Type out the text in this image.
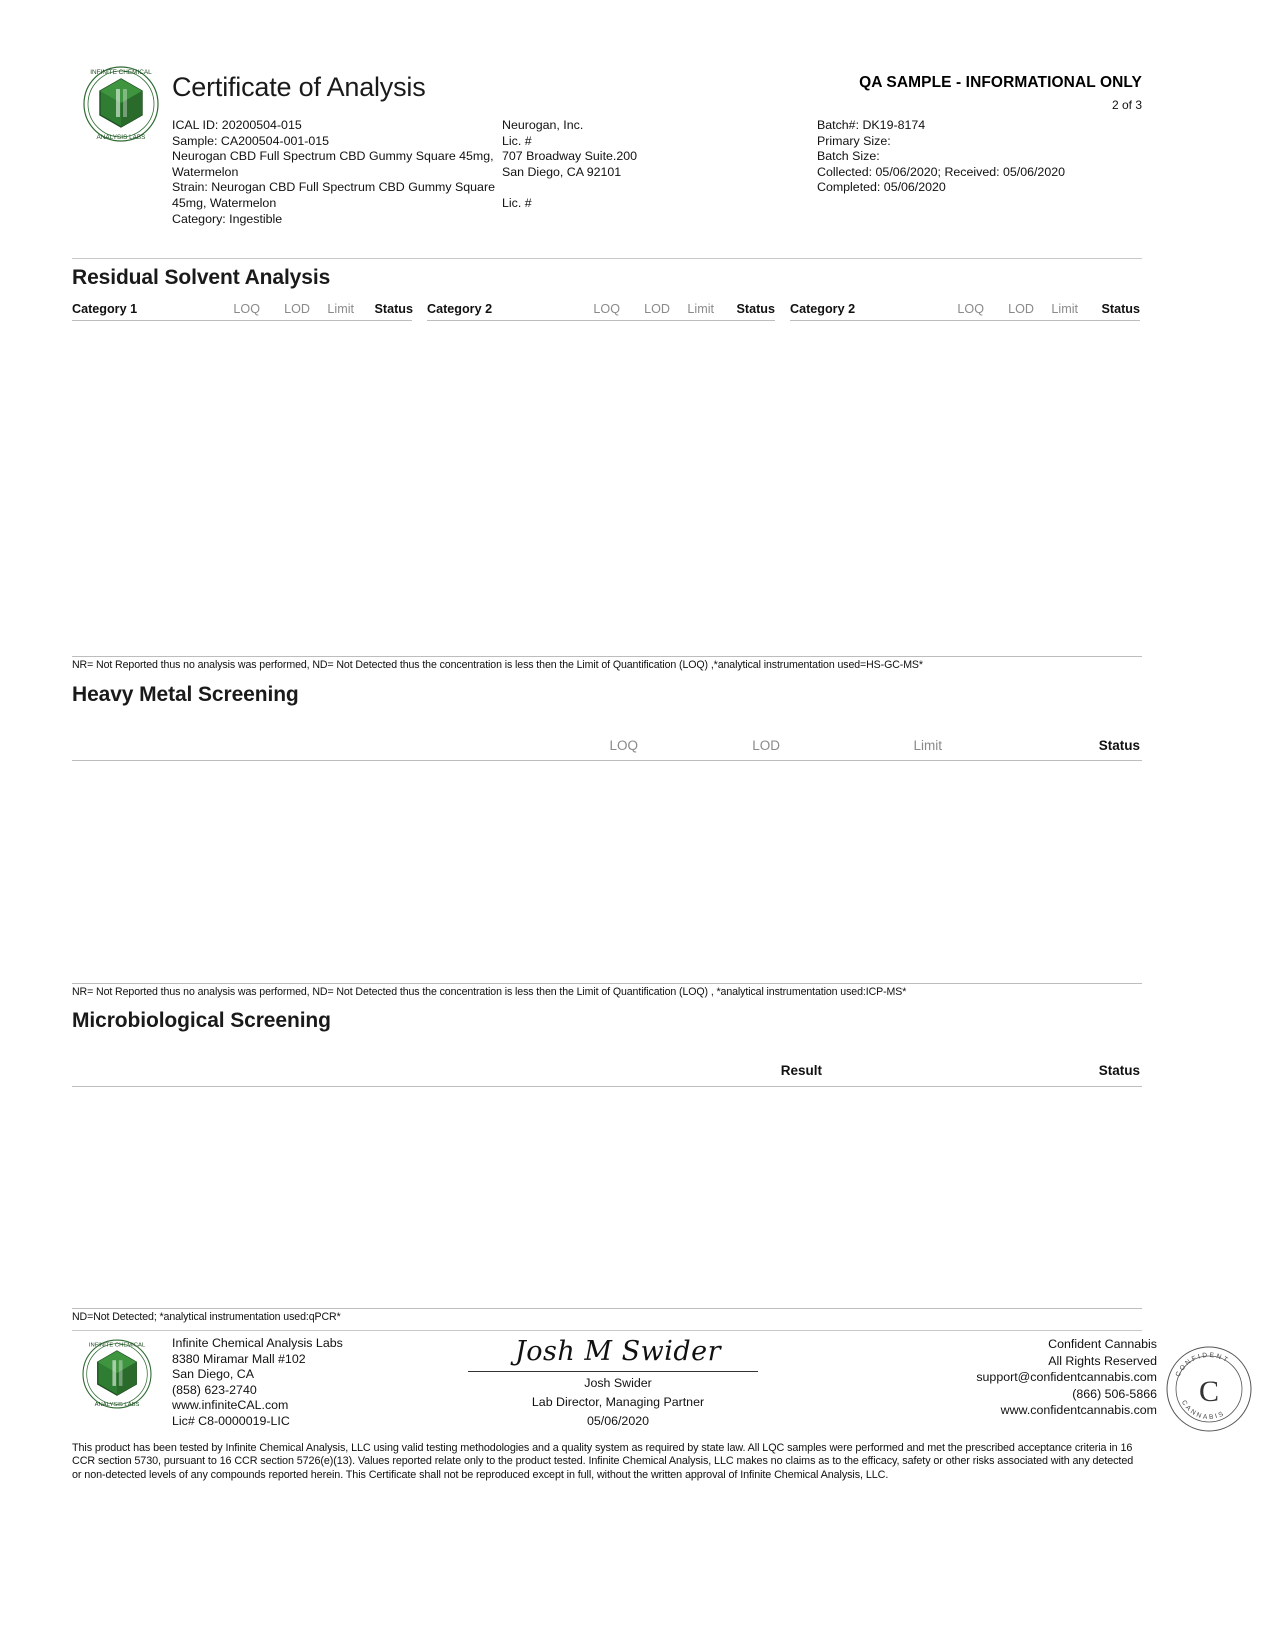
INFINITE CHEMICAL
ANALYSIS LABS
Certificate of Analysis	QA SAMPLE - INFORMATIONAL ONLY
2 of 3
ICAL ID: 20200504-015
Sample: CA200504-001-015
Neurogan CBD Full Spectrum CBD Gummy Square 45mg, Watermelon
Strain: Neurogan CBD Full Spectrum CBD Gummy Square 45mg, Watermelon
Category: Ingestible
Neurogan, Inc.
Lic. #
707 Broadway Suite.200
San Diego, CA 92101
Lic. #
Batch#: DK19-8174
Primary Size:
Batch Size:
Collected: 05/06/2020; Received: 05/06/2020
Completed: 05/06/2020
Residual Solvent Analysis
Category 1	LOQ	LOD	Limit	Status Category 2	LOQ	LOD	Limit	Status Category 2	LOQ	LOD	Limit	Status
NR= Not Reported thus no analysis was performed, ND= Not Detected thus the concentration is less then the Limit of Quantification (LOQ) ,*analytical instrumentation used=HS-GC-MS*
Heavy Metal Screening
LOQ	LOD	Limit	Status
NR= Not Reported thus no analysis was performed, ND= Not Detected thus the concentration is less then the Limit of Quantification (LOQ) , *analytical instrumentation used:ICP-MS*
Microbiological Screening
Result	Status
ND=Not Detected; *analytical instrumentation used:qPCR*
INFINITE CHEMICAL
ANALYSIS LABS
Infinite Chemical Analysis Labs
8380 Miramar Mall #102
San Diego, CA
(858) 623-2740
www.infiniteCAL.com
Lic# C8-0000019-LIC
Josh M Swider
Josh Swider
Lab Director, Managing Partner
05/06/2020
Confident Cannabis
All Rights Reserved
support@confidentcannabis.com
(866) 506-5866
www.confidentcannabis.com
C
CONFIDENT
CANNABIS
This product has been tested by Infinite Chemical Analysis, LLC using valid testing methodologies and a quality system as required by state law. All LQC samples were performed and met the prescribed acceptance criteria in 16 CCR section 5730, pursuant to 16 CCR section 5726(e)(13). Values reported relate only to the product tested. Infinite Chemical Analysis, LLC makes no claims as to the efficacy, safety or other risks associated with any detected or non-detected levels of any compounds reported herein. This Certificate shall not be reproduced except in full, without the written approval of Infinite Chemical Analysis, LLC.
